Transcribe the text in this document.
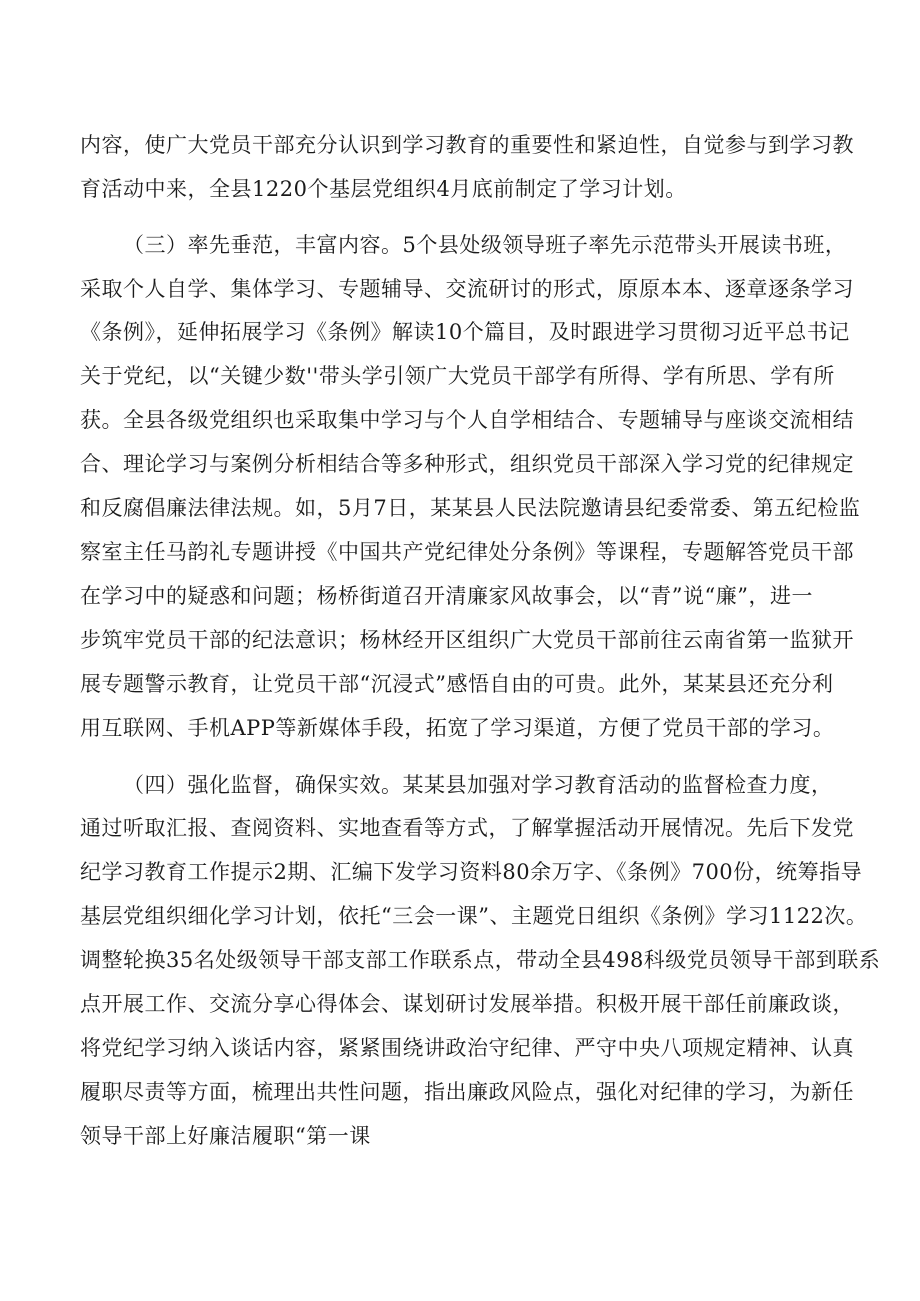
内容，使广大党员干部充分认识到学习教育的重要性和紧迫性，自觉参与到学习教
育活动中来，全县1220个基层党组织4月底前制定了学习计划。
（三）率先垂范，丰富内容。5个县处级领导班子率先示范带头开展读书班，
采取个人自学、集体学习、专题辅导、交流研讨的形式，原原本本、逐章逐条学习
《条例》，延伸拓展学习《条例》解读10个篇目，及时跟进学习贯彻习近平总书记
关于党纪，以“关键少数''带头学引领广大党员干部学有所得、学有所思、学有所
获。全县各级党组织也采取集中学习与个人自学相结合、专题辅导与座谈交流相结
合、理论学习与案例分析相结合等多种形式，组织党员干部深入学习党的纪律规定
和反腐倡廉法律法规。如，5月7日，某某县人民法院邀请县纪委常委、第五纪检监
察室主任马韵礼专题讲授《中国共产党纪律处分条例》等课程，专题解答党员干部
在学习中的疑惑和问题；杨桥街道召开清廉家风故事会，以“青”说“廉”，进一
步筑牢党员干部的纪法意识；杨林经开区组织广大党员干部前往云南省第一监狱开
展专题警示教育，让党员干部“沉浸式”感悟自由的可贵。此外，某某县还充分利
用互联网、手机APP等新媒体手段，拓宽了学习渠道，方便了党员干部的学习。
（四）强化监督，确保实效。某某县加强对学习教育活动的监督检查力度，
通过听取汇报、查阅资料、实地查看等方式，了解掌握活动开展情况。先后下发党
纪学习教育工作提示2期、汇编下发学习资料80余万字、《条例》700份，统筹指导
基层党组织细化学习计划，依托“三会一课”、主题党日组织《条例》学习1122次。
调整轮换35名处级领导干部支部工作联系点，带动全县498科级党员领导干部到联系
点开展工作、交流分享心得体会、谋划研讨发展举措。积极开展干部任前廉政谈，
将党纪学习纳入谈话内容，紧紧围绕讲政治守纪律、严守中央八项规定精神、认真
履职尽责等方面，梳理出共性问题，指出廉政风险点，强化对纪律的学习，为新任
领导干部上好廉洁履职“第一课
